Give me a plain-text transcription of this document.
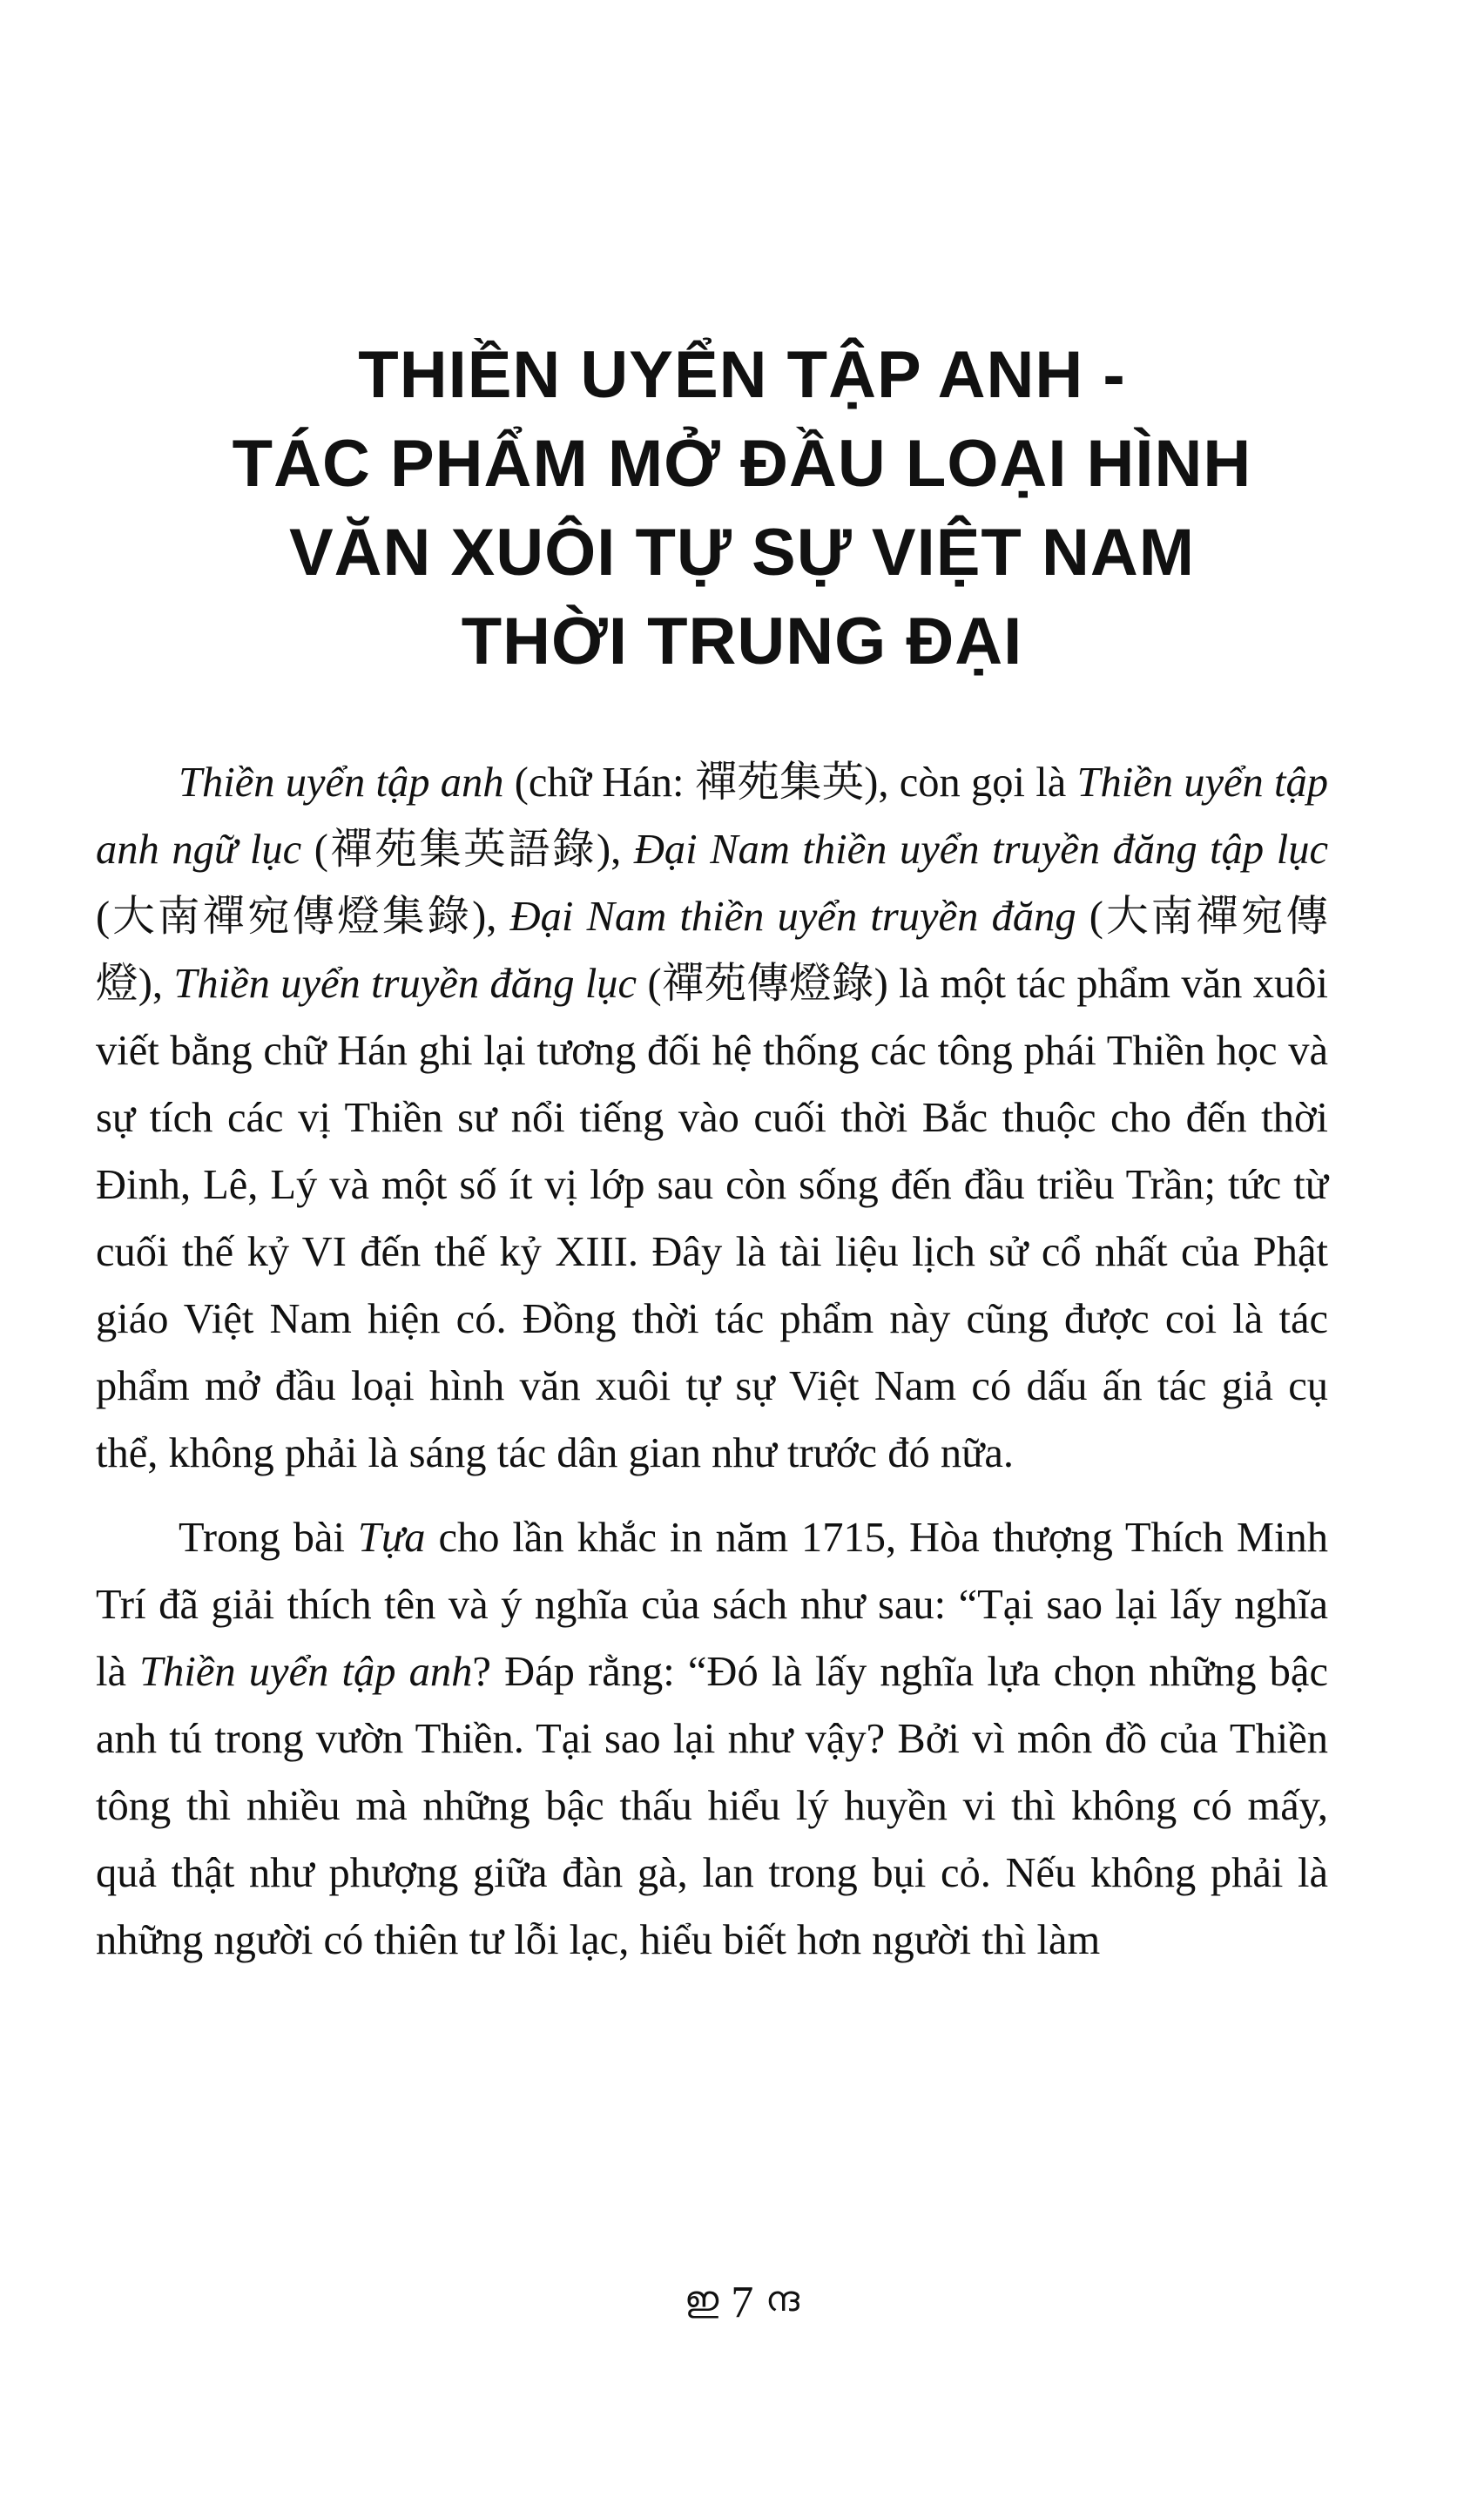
THIỀN UYỂN TẬP ANH -
TÁC PHẨM MỞ ĐẦU LOẠI HÌNH
VĂN XUÔI TỰ SỰ VIỆT NAM
THỜI TRUNG ĐẠI

Thiền uyển tập anh (chữ Hán: 禪苑集英), còn gọi là Thiền uyển tập anh ngữ lục (禪苑集英語錄), Đại Nam thiền uyển truyền đăng tập lục (大南禪宛傳燈集錄), Đại Nam thiền uyển truyền đăng (大南禪宛傳燈), Thiền uyển truyền đăng lục (禪苑傳燈錄) là một tác phẩm văn xuôi viết bằng chữ Hán ghi lại tương đối hệ thống các tông phái Thiền học và sự tích các vị Thiền sư nổi tiếng vào cuối thời Bắc thuộc cho đến thời Đinh, Lê, Lý và một số ít vị lớp sau còn sống đến đầu triều Trần; tức từ cuối thế kỷ VI đến thế kỷ XIII. Đây là tài liệu lịch sử cổ nhất của Phật giáo Việt Nam hiện có. Đồng thời tác phẩm này cũng được coi là tác phẩm mở đầu loại hình văn xuôi tự sự Việt Nam có dấu ấn tác giả cụ thể, không phải là sáng tác dân gian như trước đó nữa.

Trong bài Tựa cho lần khắc in năm 1715, Hòa thượng Thích Minh Trí đã giải thích tên và ý nghĩa của sách như sau: “Tại sao lại lấy nghĩa là Thiền uyển tập anh? Đáp rằng: “Đó là lấy nghĩa lựa chọn những bậc anh tú trong vườn Thiền. Tại sao lại như vậy? Bởi vì môn đồ của Thiền tông thì nhiều mà những bậc thấu hiểu lý huyền vi thì không có mấy, quả thật như phượng giữa đàn gà, lan trong bụi cỏ. Nếu không phải là những người có thiên tư lỗi lạc, hiểu biết hơn người thì làm

ഇ 7 ന്ദ
